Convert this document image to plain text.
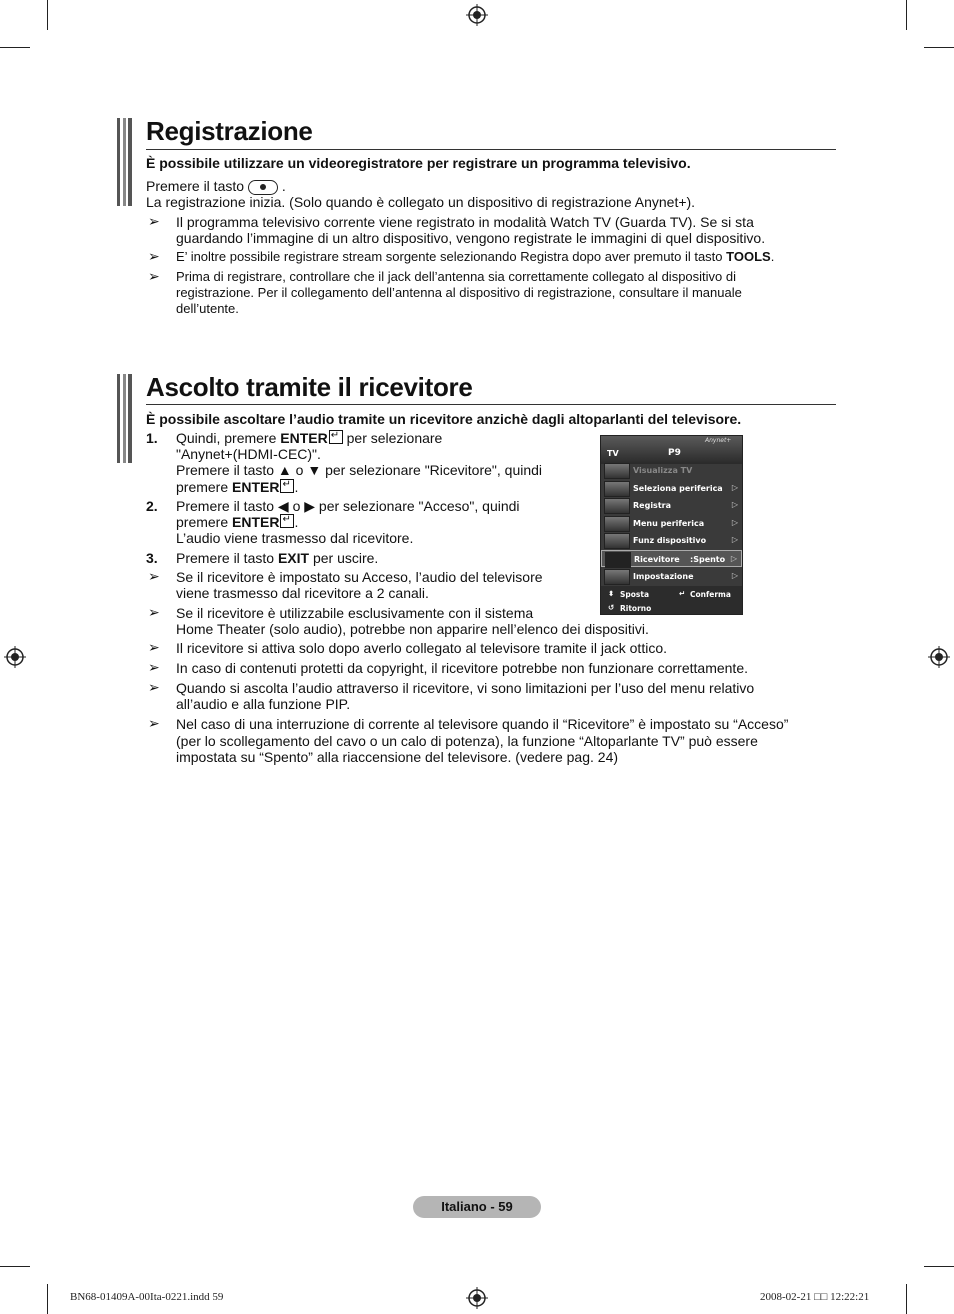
Registrazione
È possibile utilizzare un videoregistratore per registrare un programma televisivo.
Premere il tasto	.
La registrazione inizia. (Solo quando è collegato un dispositivo di registrazione Anynet+).
➢ Il programma televisivo corrente viene registrato in modalità Watch TV (Guarda TV). Se si sta
guardando l’immagine di un altro dispositivo, vengono registrate le immagini di quel dispositivo.
➢ E’ inoltre possibile registrare stream sorgente selezionando Registra dopo aver premuto il tasto TOOLS.
➢ Prima di registrare, controllare che il jack dell’antenna sia correttamente collegato al dispositivo di
registrazione. Per il collegamento dell’antenna al dispositivo di registrazione, consultare il manuale
dell’utente.
Ascolto tramite il ricevitore
È possibile ascoltare l’audio tramite un ricevitore anzichè dagli altoparlanti del televisore.
1. Quindi, premere ENTER↵ per selezionare
"Anynet+(HDMI-CEC)".
Premere il tasto ▲ o ▼ per selezionare "Ricevitore", quindi
premere ENTER ↵ .
2. Premere il tasto ◀ o ▶ per selezionare "Acceso", quindi
premere ENTER ↵ .
L’audio viene trasmesso dal ricevitore.
3. Premere il tasto EXIT per uscire.
➢ Se il ricevitore è impostato su Acceso, l’audio del televisore
viene trasmesso dal ricevitore a 2 canali.
➢ Se il ricevitore è utilizzabile esclusivamente con il sistema
Home Theater (solo audio), potrebbe non apparire nell’elenco dei dispositivi.
➢ Il ricevitore si attiva solo dopo averlo collegato al televisore tramite il jack ottico.
➢ In caso di contenuti protetti da copyright, il ricevitore potrebbe non funzionare correttamente.
➢ Quando si ascolta l’audio attraverso il ricevitore, vi sono limitazioni per l’uso del menu relativo
all’audio e alla funzione PIP.
➢ Nel caso di una interruzione di corrente al televisore quando il “Ricevitore” è impostato su “Acceso”
(per lo scollegamento del cavo o un calo di potenza), la funzione “Altoparlante TV” può essere
impostata su “Spento” alla riaccensione del televisore. (vedere pag. 24)
TV	P9
Anynet+
Visualizza TV
Seleziona periferica ▷
Registra	▷
Menu periferica	▷
Funz dispositivo	▷
Ricevitore :Spento ▷
Impostazione	▷
⬍ Sposta	↵ Conferma
↺ Ritorno
Italiano - 59
BN68-01409A-00Ita-0221.indd 59	2008-02-21 □□ 12:22:21
